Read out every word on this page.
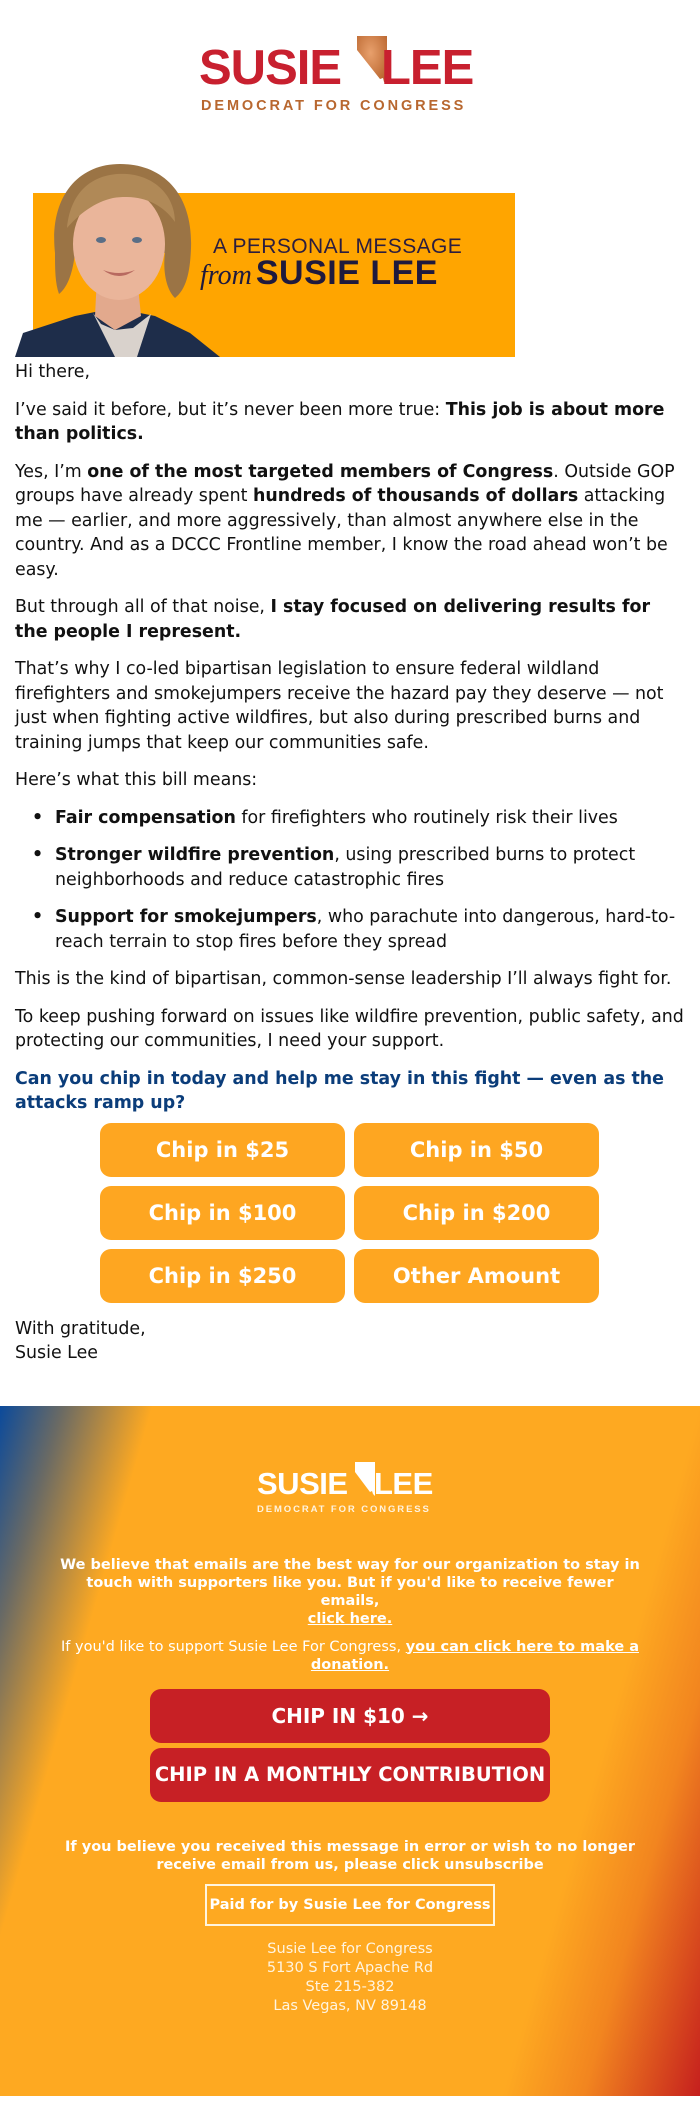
SUSIE LEE
DEMOCRAT FOR CONGRESS
A PERSONAL MESSAGE
from SUSIE LEE

Hi there,

I’ve said it before, but it’s never been more true: This job is about more than politics.

Yes, I’m one of the most targeted members of Congress. Outside GOP groups have already spent hundreds of thousands of dollars attacking me — earlier, and more aggressively, than almost anywhere else in the country. And as a DCCC Frontline member, I know the road ahead won’t be easy.

But through all of that noise, I stay focused on delivering results for the people I represent.

That’s why I co-led bipartisan legislation to ensure federal wildland firefighters and smokejumpers receive the hazard pay they deserve — not just when fighting active wildfires, but also during prescribed burns and training jumps that keep our communities safe.

Here’s what this bill means:

• Fair compensation for firefighters who routinely risk their lives
• Stronger wildfire prevention, using prescribed burns to protect neighborhoods and reduce catastrophic fires
• Support for smokejumpers, who parachute into dangerous, hard-to-reach terrain to stop fires before they spread

This is the kind of bipartisan, common-sense leadership I’ll always fight for.

To keep pushing forward on issues like wildfire prevention, public safety, and protecting our communities, I need your support.

Can you chip in today and help me stay in this fight — even as the attacks ramp up?

Chip in $25	Chip in $50
Chip in $100	Chip in $200
Chip in $250	Other Amount
With gratitude,
Susie Lee
SUSIE LEE
DEMOCRAT FOR CONGRESS
We believe that emails are the best way for our organization to stay in touch with supporters like you. But if you'd like to receive fewer emails,
click here.
If you'd like to support Susie Lee For Congress, you can click here to make a donation.
CHIP IN $10 →
CHIP IN A MONTHLY CONTRIBUTION
If you believe you received this message in error or wish to no longer receive email from us, please click unsubscribe
Paid for by Susie Lee for Congress
Susie Lee for Congress
5130 S Fort Apache Rd
Ste 215-382
Las Vegas, NV 89148
